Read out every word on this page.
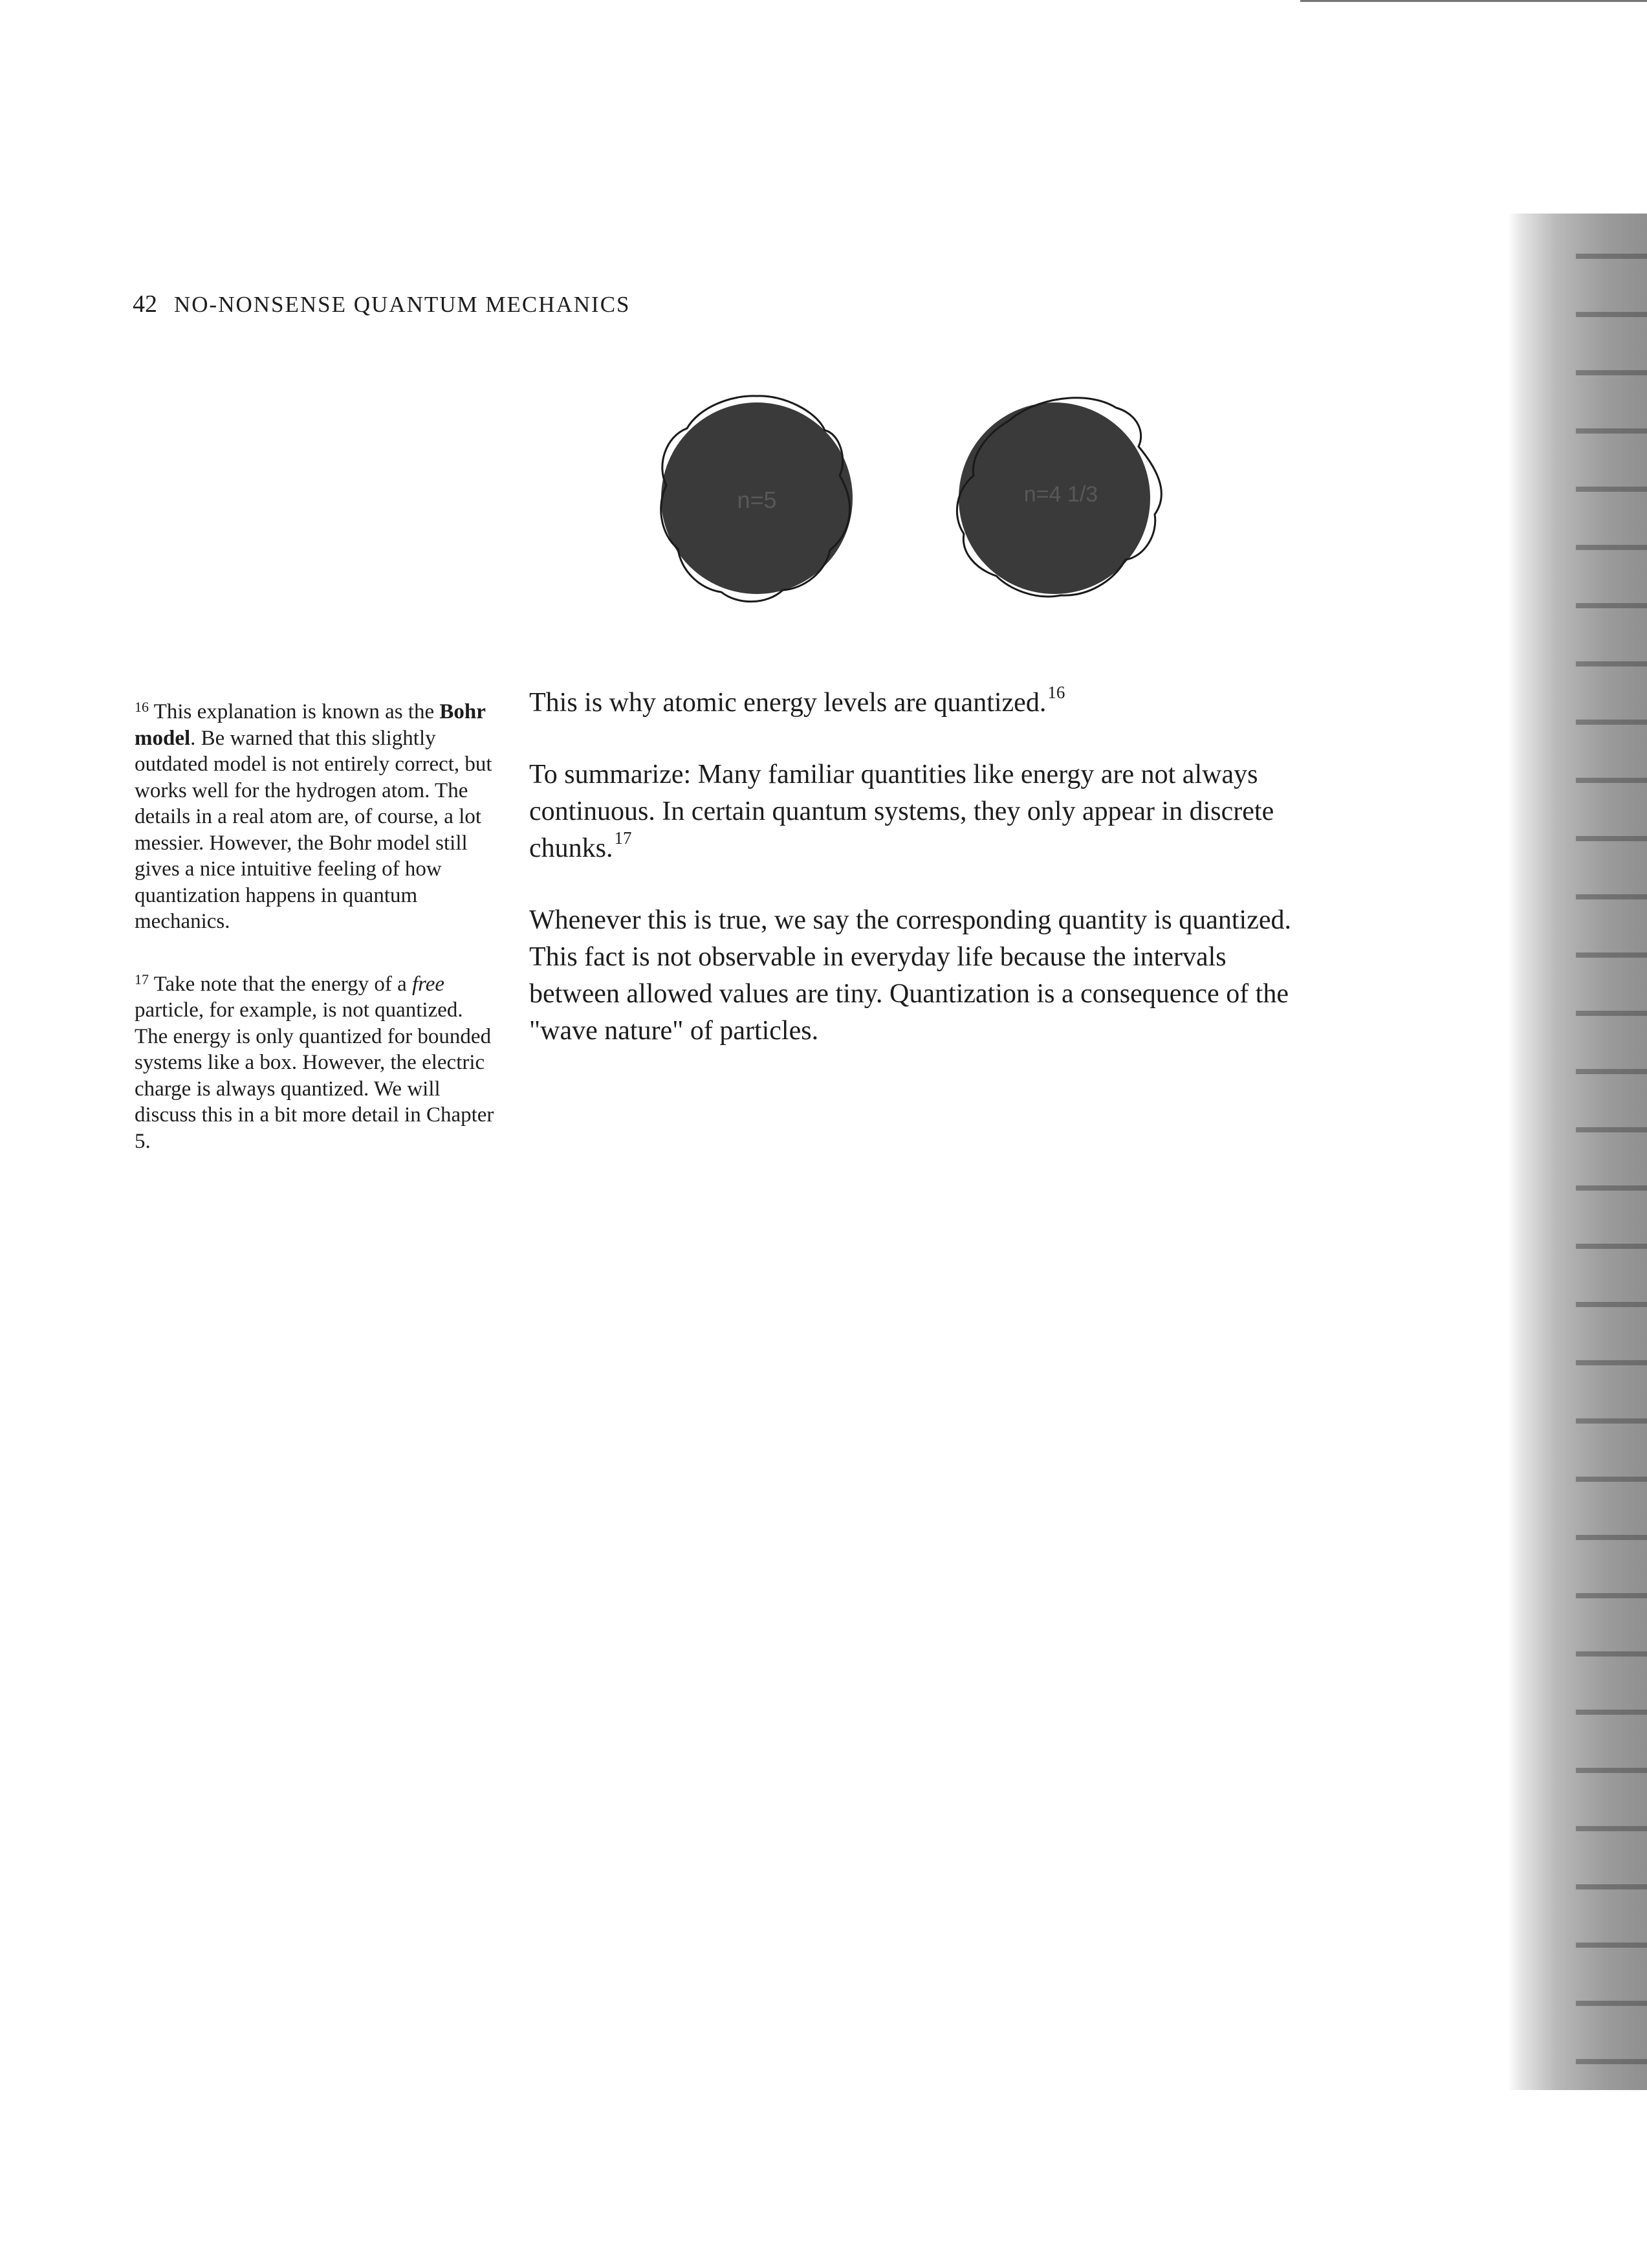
42 NO-NONSENSE QUANTUM MECHANICS
n=5	n=4 1/3

$^{16}$ This explanation is known as the Bohr model. Be warned that this slightly outdated model is not entirely correct, but works well for the hydrogen atom. The details in a real atom are, of course, a lot messier. However, the Bohr model still gives a nice intuitive feeling of how quantization happens in quantum mechanics.

$^{17}$ Take note that the energy of a free particle, for example, is not quantized. The energy is only quantized for bounded systems like a box. However, the electric charge is always quantized. We will discuss this in a bit more detail in Chapter 5.

This is why atomic energy levels are quantized.$^{16}$

To summarize: Many familiar quantities like energy are not always continuous. In certain quantum systems, they only appear in discrete chunks.$^{17}$

Whenever this is true, we say the corresponding quantity is quantized. This fact is not observable in everyday life because the intervals between allowed values are tiny. Quantization is a consequence of the "wave nature" of particles.
